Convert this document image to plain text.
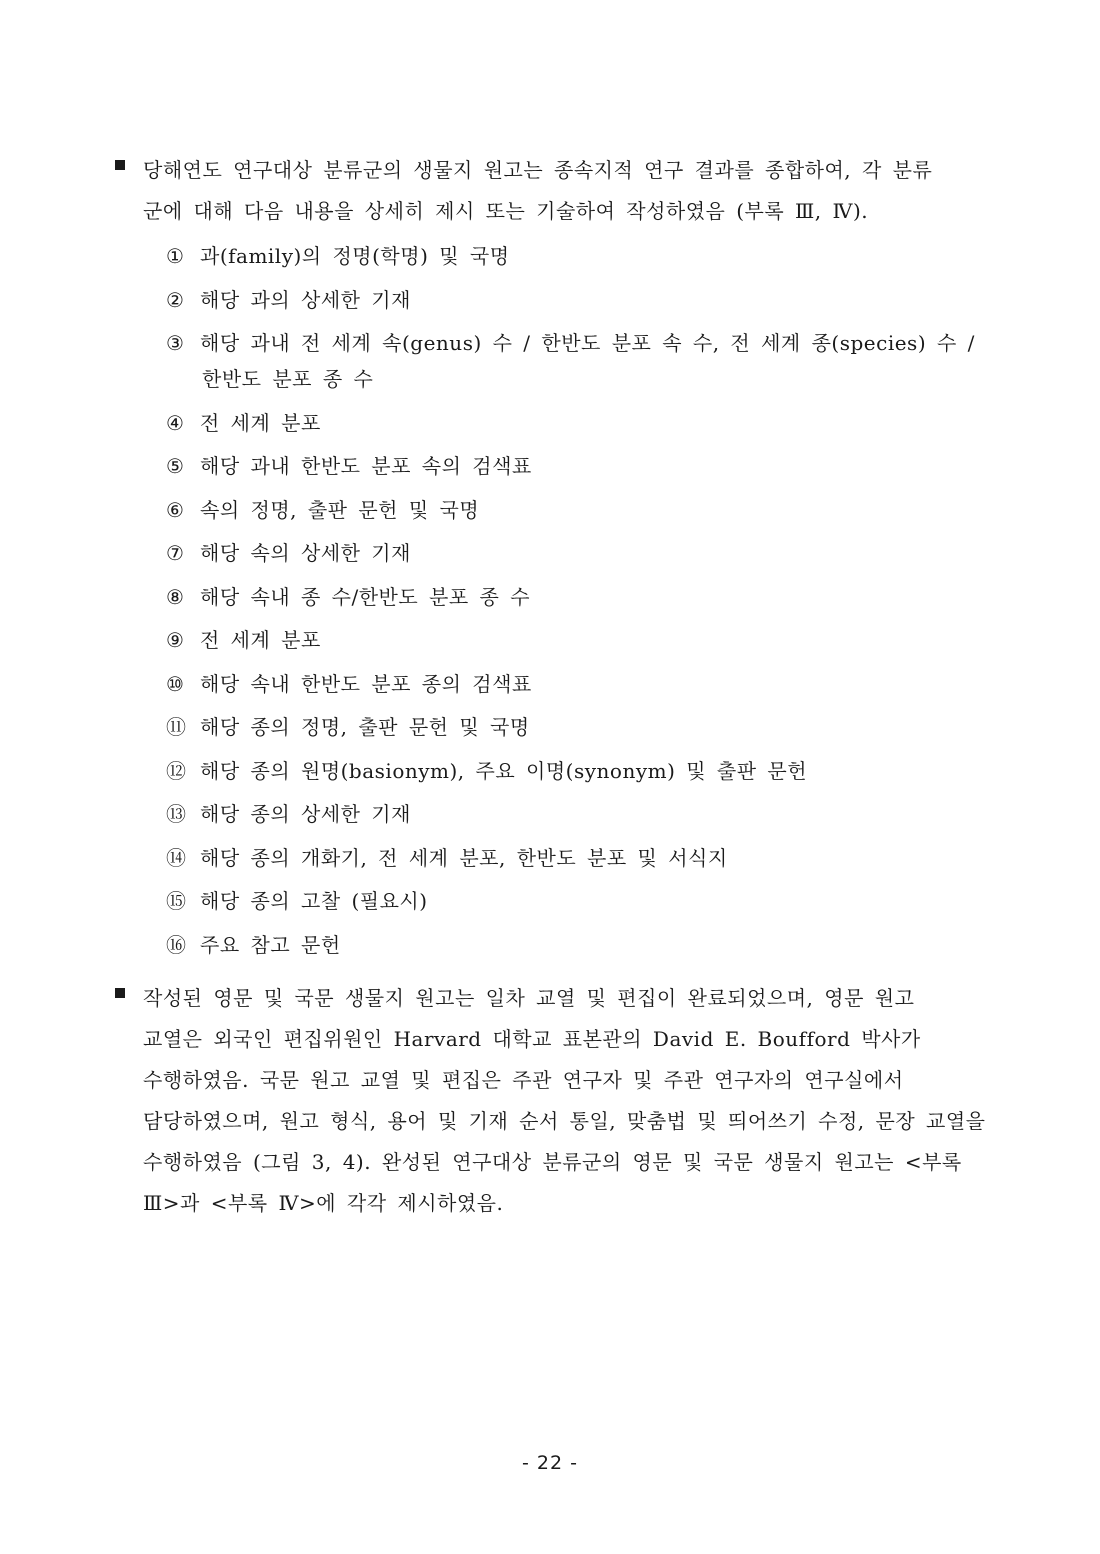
당해연도 연구대상 분류군의 생물지 원고는 종속지적 연구 결과를 종합하여, 각 분류
군에 대해 다음 내용을 상세히 제시 또는 기술하여 작성하였음 (부록 Ⅲ, Ⅳ).
① 과(family)의 정명(학명) 및 국명
② 해당 과의 상세한 기재
③ 해당 과내 전 세계 속(genus) 수 / 한반도 분포 속 수, 전 세계 종(species) 수 /
한반도 분포 종 수
④ 전 세계 분포
⑤ 해당 과내 한반도 분포 속의 검색표
⑥ 속의 정명, 출판 문헌 및 국명
⑦ 해당 속의 상세한 기재
⑧ 해당 속내 종 수/한반도 분포 종 수
⑨ 전 세계 분포
⑩ 해당 속내 한반도 분포 종의 검색표
⑪ 해당 종의 정명, 출판 문헌 및 국명
⑫ 해당 종의 원명(basionym), 주요 이명(synonym) 및 출판 문헌
⑬ 해당 종의 상세한 기재
⑭ 해당 종의 개화기, 전 세계 분포, 한반도 분포 및 서식지
⑮ 해당 종의 고찰 (필요시)
⑯ 주요 참고 문헌
작성된 영문 및 국문 생물지 원고는 일차 교열 및 편집이 완료되었으며, 영문 원고
교열은 외국인 편집위원인 Harvard 대학교 표본관의 David E. Boufford 박사가
수행하였음. 국문 원고 교열 및 편집은 주관 연구자 및 주관 연구자의 연구실에서
담당하였으며, 원고 형식, 용어 및 기재 순서 통일, 맞춤법 및 띄어쓰기 수정, 문장 교열을
수행하였음 (그림 3, 4). 완성된 연구대상 분류군의 영문 및 국문 생물지 원고는 <부록
Ⅲ>과 <부록 Ⅳ>에 각각 제시하였음.
- 22 -
